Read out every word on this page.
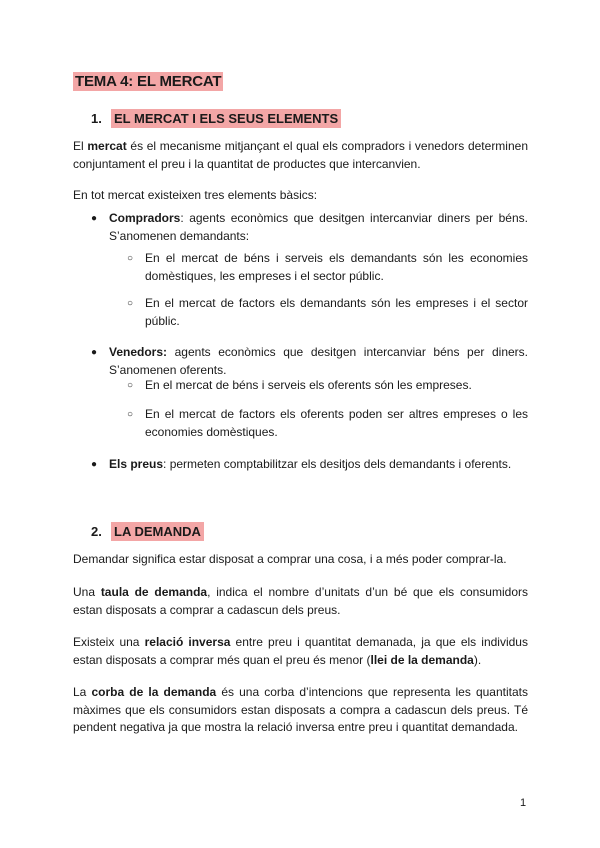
TEMA 4: EL MERCAT
1. EL MERCAT I ELS SEUS ELEMENTS

El mercat és el mecanisme mitjançant el qual els compradors i venedors determinen conjuntament el preu i la quantitat de productes que intercanvien.

En tot mercat existeixen tres elements bàsics:

● Compradors: agents econòmics que desitgen intercanviar diners per béns. S’anomenen demandants:
○ En el mercat de béns i serveis els demandants són les economies domèstiques, les empreses i el sector públic.
○ En el mercat de factors els demandants són les empreses i el sector públic.
● Venedors: agents econòmics que desitgen intercanviar béns per diners. S’anomenen oferents.
○ En el mercat de béns i serveis els oferents són les empreses.
○ En el mercat de factors els oferents poden ser altres empreses o les economies domèstiques.
● Els preus: permeten comptabilitzar els desitjos dels demandants i oferents.
2. LA DEMANDA

Demandar significa estar disposat a comprar una cosa, i a més poder comprar-la.

Una taula de demanda, indica el nombre d’unitats d’un bé que els consumidors estan disposats a comprar a cadascun dels preus.

Existeix una relació inversa entre preu i quantitat demanada, ja que els individus estan disposats a comprar més quan el preu és menor (llei de la demanda).

La corba de la demanda és una corba d’intencions que representa les quantitats màximes que els consumidors estan disposats a compra a cadascun dels preus. Té pendent negativa ja que mostra la relació inversa entre preu i quantitat demandada.

1
